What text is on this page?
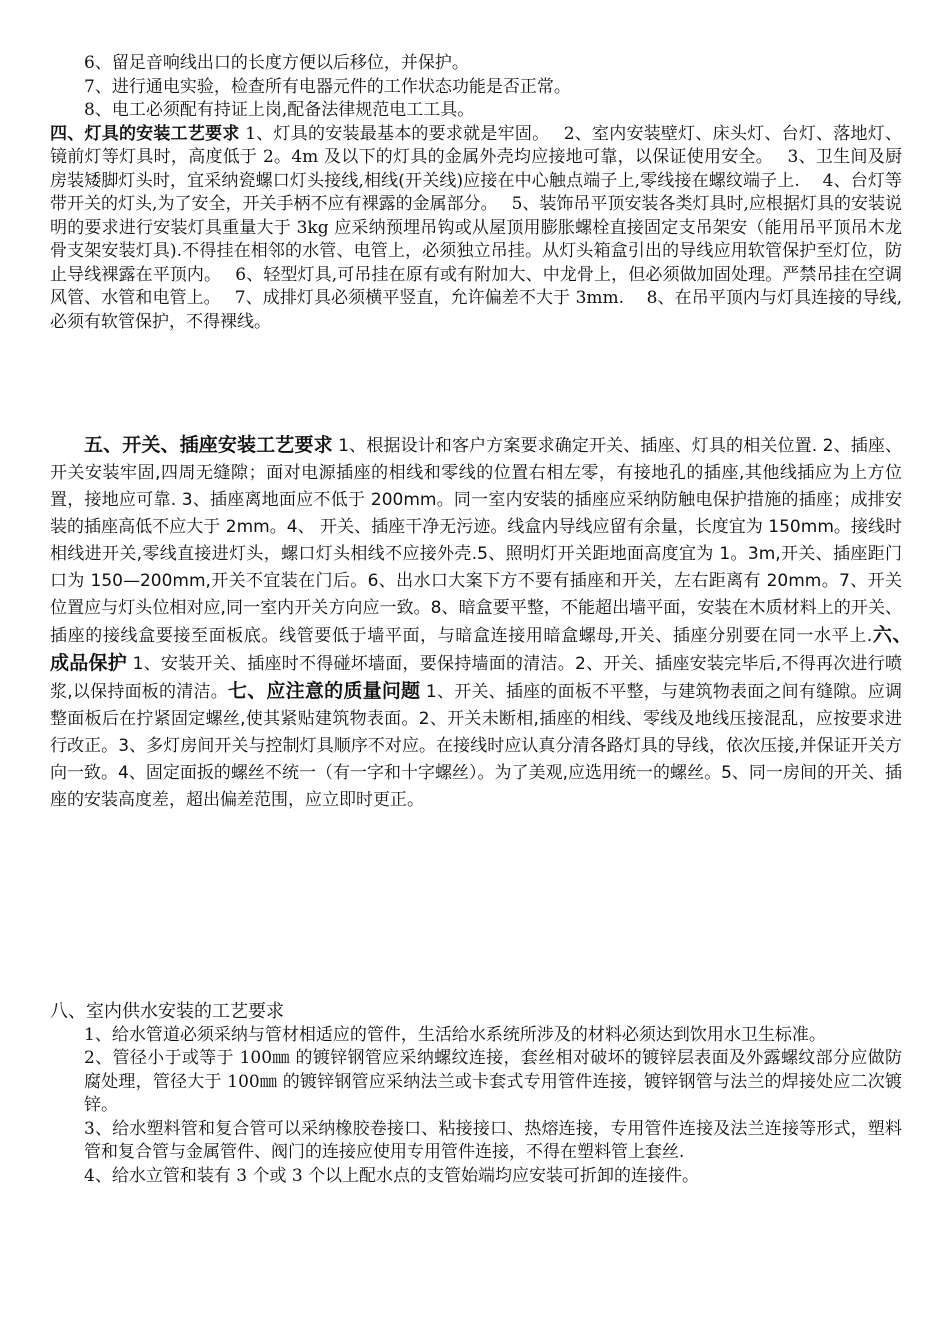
6、留足音响线出口的长度方便以后移位，并保护。

7、进行通电实验，检查所有电器元件的工作状态功能是否正常。

8、电工必须配有持证上岗,配备法律规范电工工具。

四、灯具的安装工艺要求 1、灯具的安装最基本的要求就是牢固。　 2、室内安装壁灯、床头灯、台灯、落地灯、镜前灯等灯具时，高度低于 2。4m 及以下的灯具的金属外壳均应接地可靠，以保证使用安全。　 3、卫生间及厨房装矮脚灯头时，宜采纳瓷螺口灯头接线,相线(开关线)应接在中心触点端子上,零线接在螺纹端子上.　 4、台灯等带开关的灯头,为了安全，开关手柄不应有裸露的金属部分。　 5、装饰吊平顶安装各类灯具时,应根据灯具的安装说明的要求进行安装灯具重量大于 3kg 应采纳预埋吊钩或从屋顶用膨胀螺栓直接固定支吊架安（能用吊平顶吊木龙骨支架安装灯具).不得挂在相邻的水管、电管上，必须独立吊挂。从灯头箱盒引出的导线应用软管保护至灯位，防止导线裸露在平顶内。　 6、轻型灯具,可吊挂在原有或有附加大、中龙骨上，但必须做加固处理。严禁吊挂在空调风管、水管和电管上。　 7、成排灯具必须横平竖直，允许偏差不大于 3mm.　 8、在吊平顶内与灯具连接的导线,必须有软管保护，不得裸线。

五、开关、插座安装工艺要求 1、根据设计和客户方案要求确定开关、插座、灯具的相关位置. 2、插座、开关安装牢固,四周无缝隙；面对电源插座的相线和零线的位置右相左零，有接地孔的插座,其他线插应为上方位置，接地应可靠. 3、插座离地面应不低于 200mm。同一室内安装的插座应采纳防触电保护措施的插座；成排安装的插座高低不应大于 2mm。4、 开关、插座干净无污迹。线盒内导线应留有余量，长度宜为 150mm。接线时相线进开关,零线直接进灯头，螺口灯头相线不应接外壳.5、照明灯开关距地面高度宜为 1。3m,开关、插座距门口为 150—200mm,开关不宜装在门后。6、出水口大案下方不要有插座和开关，左右距离有 20mm。7、开关位置应与灯头位相对应,同一室内开关方向应一致。8、暗盒要平整，不能超出墙平面，安装在木质材料上的开关、插座的接线盒要接至面板底。线管要低于墙平面，与暗盒连接用暗盒螺母,开关、插座分别要在同一水平上.六、　成品保护 1、安装开关、插座时不得碰坏墙面，要保持墙面的清洁。2、开关、插座安装完毕后,不得再次进行喷浆,以保持面板的清洁。七、应注意的质量问题 1、开关、插座的面板不平整，与建筑物表面之间有缝隙。应调整面板后在拧紧固定螺丝,使其紧贴建筑物表面。2、开关未断相,插座的相线、零线及地线压接混乱，应按要求进行改正。3、多灯房间开关与控制灯具顺序不对应。在接线时应认真分清各路灯具的导线，依次压接,并保证开关方向一致。4、固定面扳的螺丝不统一（有一字和十字螺丝）。为了美观,应选用统一的螺丝。5、同一房间的开关、插座的安装高度差，超出偏差范围，应立即时更正。

八、室内供水安装的工艺要求

1、给水管道必须采纳与管材相适应的管件，生活给水系统所涉及的材料必须达到饮用水卫生标准。

2、管径小于或等于 100㎜ 的镀锌钢管应采纳螺纹连接，套丝相对破坏的镀锌层表面及外露螺纹部分应做防腐处理，管径大于 100㎜ 的镀锌钢管应采纳法兰或卡套式专用管件连接，镀锌钢管与法兰的焊接处应二次镀锌。

3、给水塑料管和复合管可以采纳橡胶卷接口、粘接接口、热熔连接，专用管件连接及法兰连接等形式，塑料管和复合管与金属管件、阀门的连接应使用专用管件连接，不得在塑料管上套丝.

4、给水立管和装有 3 个或 3 个以上配水点的支管始端均应安装可折卸的连接件。
